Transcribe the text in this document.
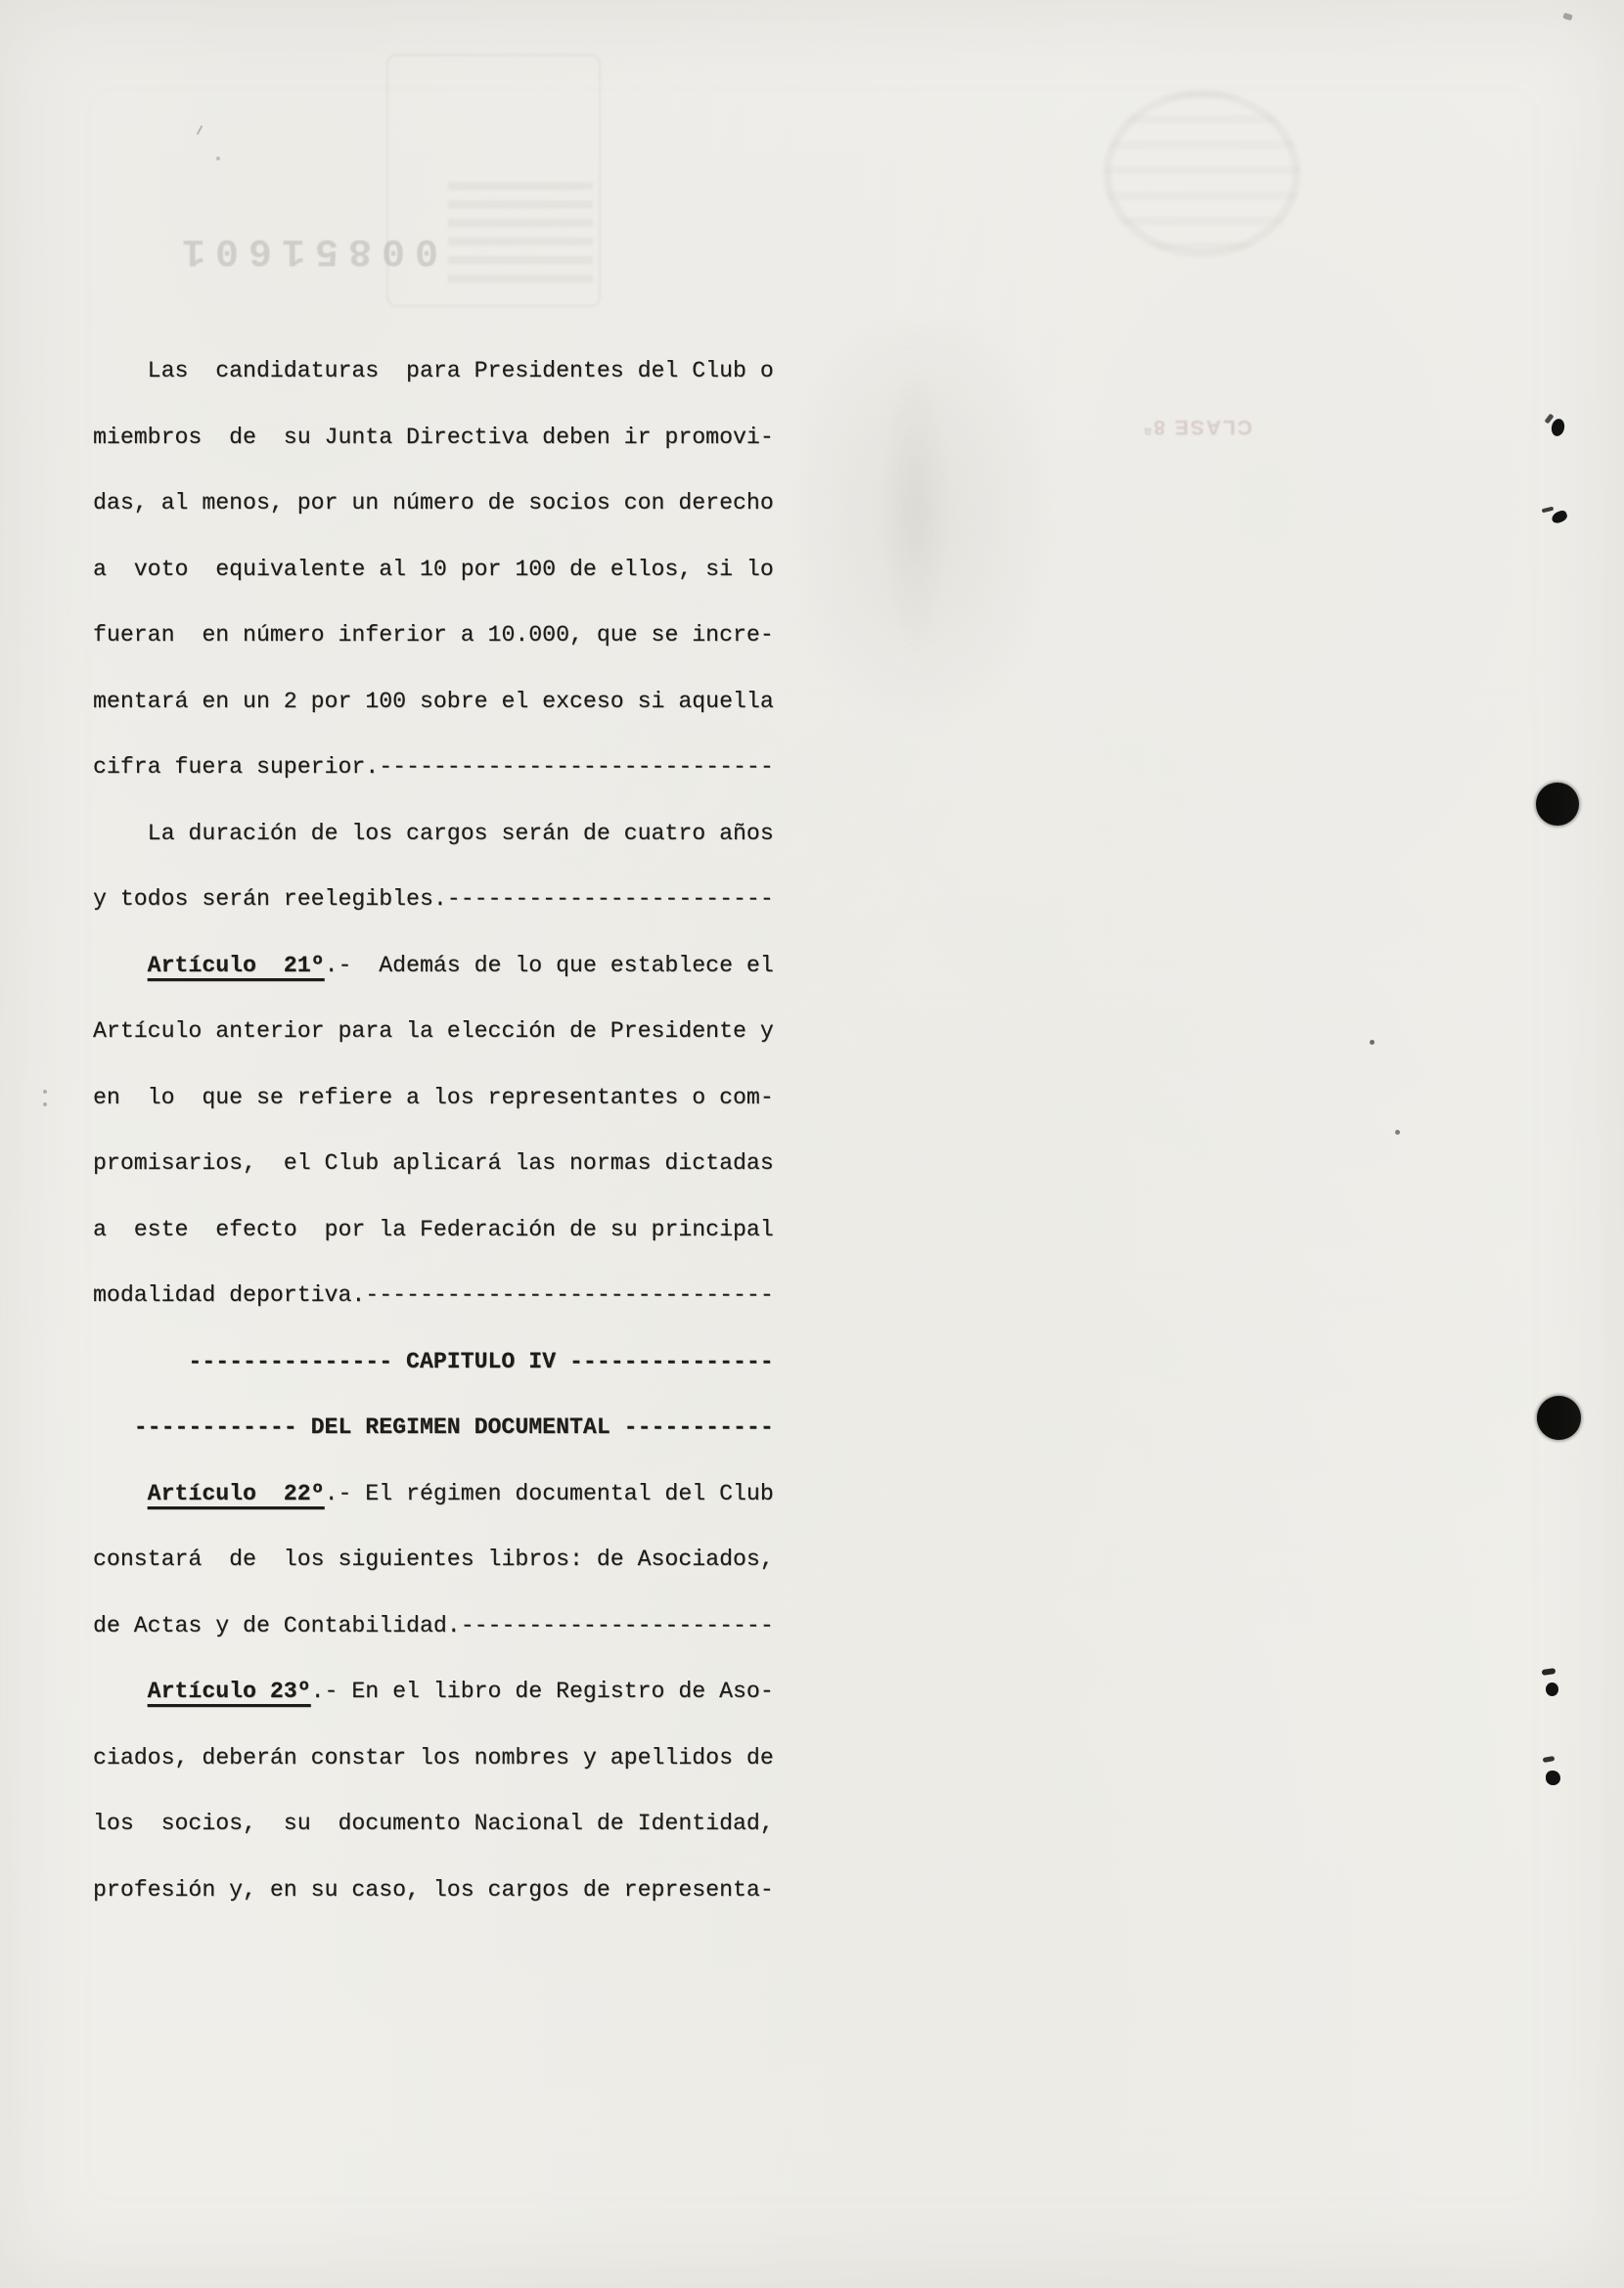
00851601
CLASE 8ª
Las  candidaturas  para Presidentes del Club o
miembros  de  su Junta Directiva deben ir promovi-
das, al menos, por un número de socios con derecho
a  voto  equivalente al 10 por 100 de ellos, si lo
fueran  en número inferior a 10.000, que se incre-
mentará en un 2 por 100 sobre el exceso si aquella
cifra fuera superior.-----------------------------
La duración de los cargos serán de cuatro años
y todos serán reelegibles.------------------------
Artículo  21º.-  Además de lo que establece el
Artículo anterior para la elección de Presidente y
en  lo  que se refiere a los representantes o com-
promisarios,  el Club aplicará las normas dictadas
a  este  efecto  por la Federación de su principal
modalidad deportiva.------------------------------
--------------- CAPITULO IV ---------------
------------ DEL REGIMEN DOCUMENTAL -----------
Artículo  22º.- El régimen documental del Club
constará  de  los siguientes libros: de Asociados,
de Actas y de Contabilidad.-----------------------
Artículo 23º.- En el libro de Registro de Aso-
ciados, deberán constar los nombres y apellidos de
los  socios,  su  documento Nacional de Identidad,
profesión y, en su caso, los cargos de representa-
